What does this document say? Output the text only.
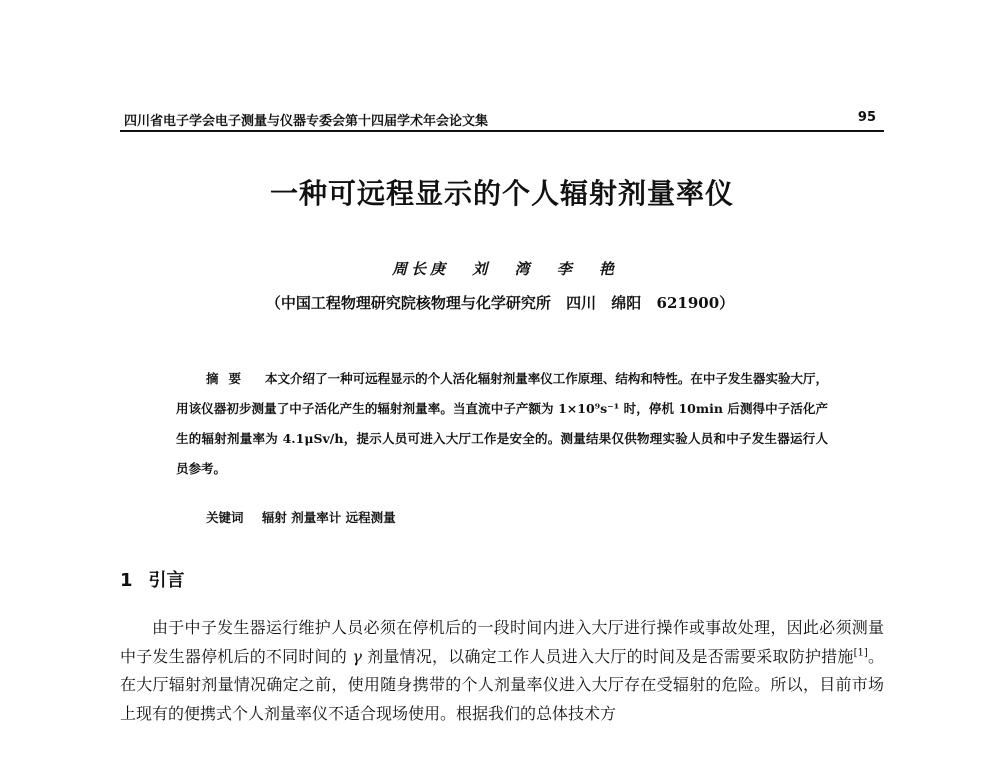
四川省电子学会电子测量与仪器专委会第十四届学术年会论文集	95
一种可远程显示的个人辐射剂量率仪
周长庚 刘 湾 李 艳
（中国工程物理研究院核物理与化学研究所 四川 绵阳 621900）
摘要 本文介绍了一种可远程显示的个人活化辐射剂量率仪工作原理、结构和特性。在中子发生器实验大厅，用该仪器初步测量了中子活化产生的辐射剂量率。当直流中子产额为 1×10⁹s⁻¹ 时，停机 10min 后测得中子活化产生的辐射剂量率为 4.1μSv/h，提示人员可进入大厅工作是安全的。测量结果仅供物理实验人员和中子发生器运行人员参考。
关键词 辐射 剂量率计 远程测量
1 引言
由于中子发生器运行维护人员必须在停机后的一段时间内进入大厅进行操作或事故处理，因此必须测量中子发生器停机后的不同时间的 γ 剂量情况，以确定工作人员进入大厅的时间及是否需要采取防护措施[1]。在大厅辐射剂量情况确定之前，使用随身携带的个人剂量率仪进入大厅存在受辐射的危险。所以，目前市场上现有的便携式个人剂量率仪不适合现场使用。根据我们的总体技术方
